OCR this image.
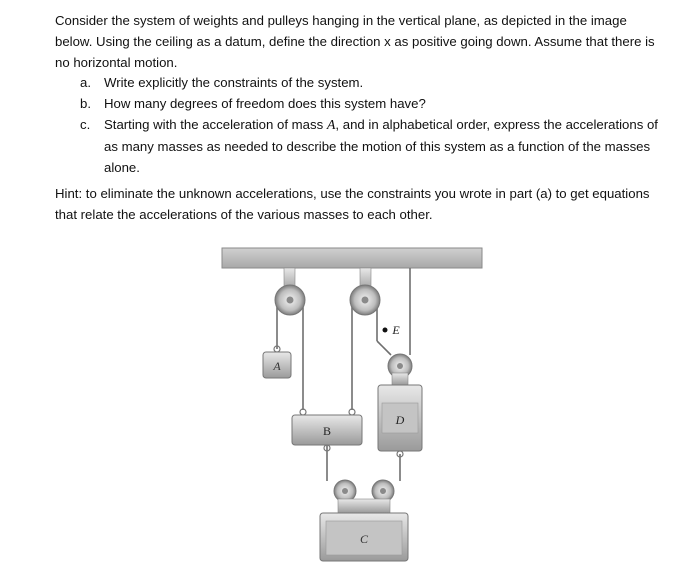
Consider the system of weights and pulleys hanging in the vertical plane, as depicted in the image below. Using the ceiling as a datum, define the direction x as positive going down. Assume that there is no horizontal motion.
a. Write explicitly the constraints of the system.
b. How many degrees of freedom does this system have?
c. Starting with the acceleration of mass A, and in alphabetical order, express the accelerations of as many masses as needed to describe the motion of this system as a function of the masses alone.
Hint: to eliminate the unknown accelerations, use the constraints you wrote in part (a) to get equations that relate the accelerations of the various masses to each other.
A
E
D
B
C
